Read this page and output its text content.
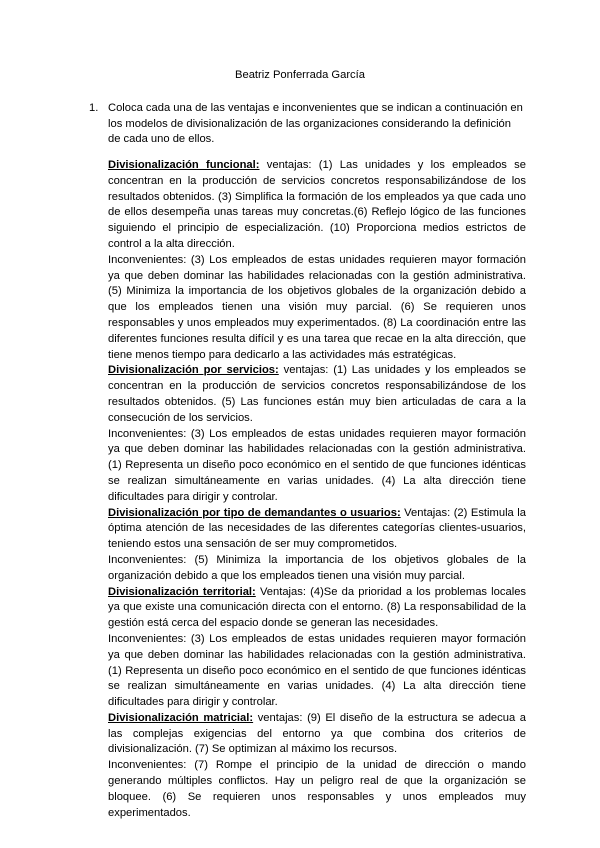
Beatriz Ponferrada García
1. Coloca cada una de las ventajas e inconvenientes que se indican a continuación en los modelos de divisionalización de las organizaciones considerando la definición de cada uno de ellos.

Divisionalización funcional: ventajas: (1) Las unidades y los empleados se concentran en la producción de servicios concretos responsabilizándose de los resultados obtenidos. (3) Simplifica la formación de los empleados ya que cada uno de ellos desempeña unas tareas muy concretas.(6) Reflejo lógico de las funciones siguiendo el principio de especialización. (10) Proporciona medios estrictos de control a la alta dirección.

Inconvenientes: (3) Los empleados de estas unidades requieren mayor formación ya que deben dominar las habilidades relacionadas con la gestión administrativa. (5) Minimiza la importancia de los objetivos globales de la organización debido a que los empleados tienen una visión muy parcial. (6) Se requieren unos responsables y unos empleados muy experimentados. (8) La coordinación entre las diferentes funciones resulta difícil y es una tarea que recae en la alta dirección, que tiene menos tiempo para dedicarlo a las actividades más estratégicas.

Divisionalización por servicios: ventajas: (1) Las unidades y los empleados se concentran en la producción de servicios concretos responsabilizándose de los resultados obtenidos. (5) Las funciones están muy bien articuladas de cara a la consecución de los servicios.

Inconvenientes: (3) Los empleados de estas unidades requieren mayor formación ya que deben dominar las habilidades relacionadas con la gestión administrativa. (1) Representa un diseño poco económico en el sentido de que funciones idénticas se realizan simultáneamente en varias unidades. (4) La alta dirección tiene dificultades para dirigir y controlar.

Divisionalización por tipo de demandantes o usuarios: Ventajas: (2) Estimula la óptima atención de las necesidades de las diferentes categorías clientes-usuarios, teniendo estos una sensación de ser muy comprometidos.

Inconvenientes: (5) Minimiza la importancia de los objetivos globales de la organización debido a que los empleados tienen una visión muy parcial.

Divisionalización territorial: Ventajas: (4)Se da prioridad a los problemas locales ya que existe una comunicación directa con el entorno. (8) La responsabilidad de la gestión está cerca del espacio donde se generan las necesidades.

Inconvenientes: (3) Los empleados de estas unidades requieren mayor formación ya que deben dominar las habilidades relacionadas con la gestión administrativa. (1) Representa un diseño poco económico en el sentido de que funciones idénticas se realizan simultáneamente en varias unidades. (4) La alta dirección tiene dificultades para dirigir y controlar.

Divisionalización matricial: ventajas: (9) El diseño de la estructura se adecua a las complejas exigencias del entorno ya que combina dos criterios de divisionalización. (7) Se optimizan al máximo los recursos.

Inconvenientes: (7) Rompe el principio de la unidad de dirección o mando generando múltiples conflictos. Hay un peligro real de que la organización se bloquee. (6) Se requieren unos responsables y unos empleados muy experimentados.
